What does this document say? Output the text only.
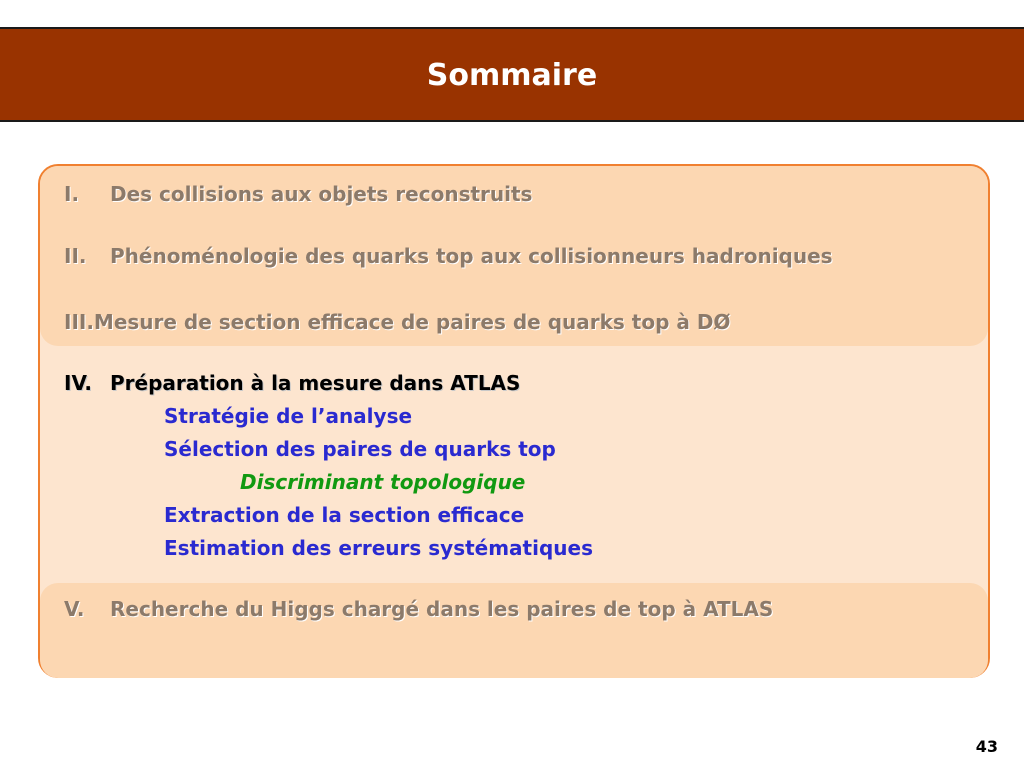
Sommaire
I. Des collisions aux objets reconstruits
II. Phénoménologie des quarks top aux collisionneurs hadroniques
III.Mesure de section efficace de paires de quarks top à DØ
IV. Préparation à la mesure dans ATLAS
Stratégie de l’analyse
Sélection des paires de quarks top
Discriminant topologique
Extraction de la section efficace
Estimation des erreurs systématiques
V. Recherche du Higgs chargé dans les paires de top à ATLAS
43
